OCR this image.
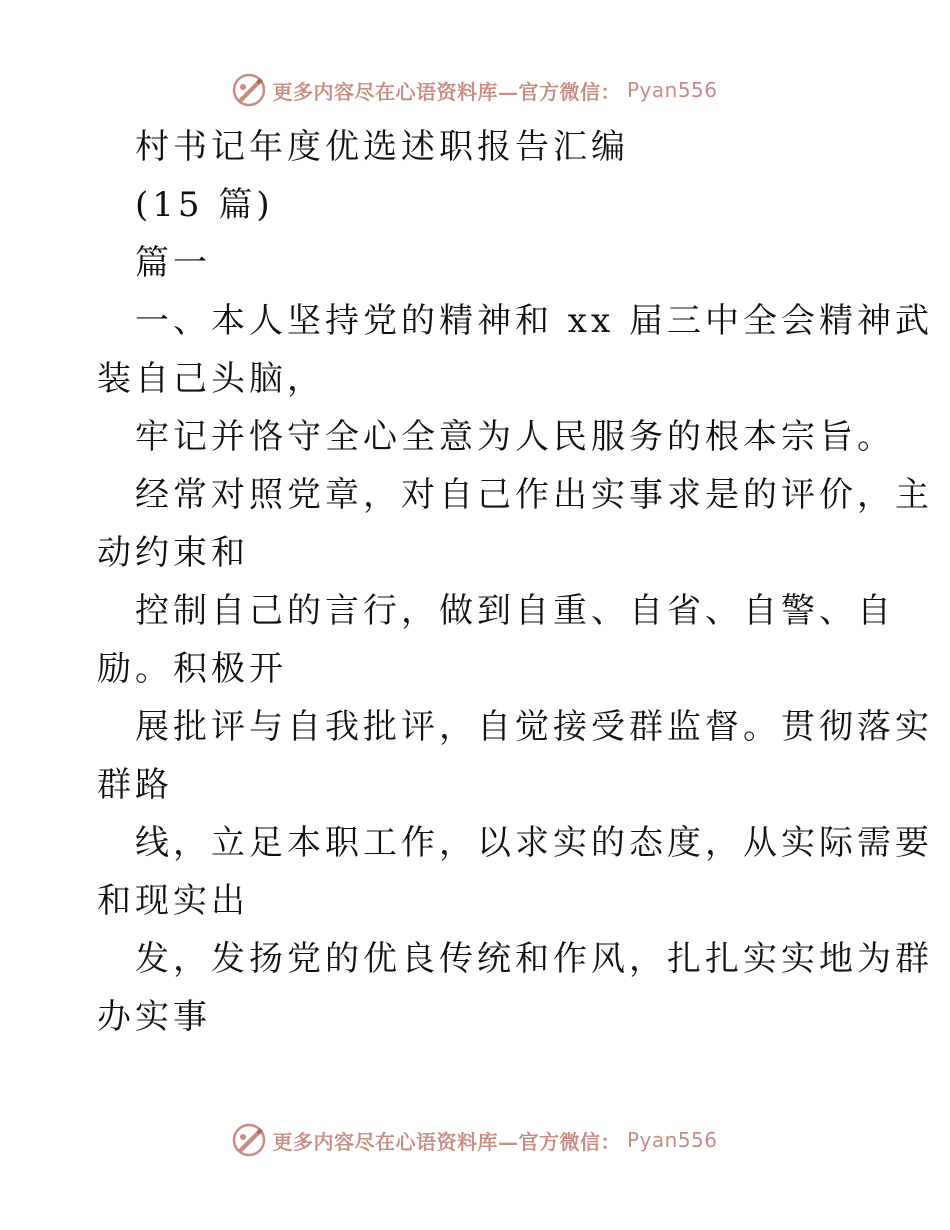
更多内容尽在心语资料库—官方微信： Pyan556
村书记年度优选述职报告汇编
(15 篇)
篇一
一、本人坚持党的精神和 xx 届三中全会精神武
装自己头脑，
牢记并恪守全心全意为人民服务的根本宗旨。
经常对照党章，对自己作出实事求是的评价，主
动约束和
控制自己的言行，做到自重、自省、自警、自
励。积极开
展批评与自我批评，自觉接受群监督。贯彻落实
群路
线，立足本职工作，以求实的态度，从实际需要
和现实出
发，发扬党的优良传统和作风，扎扎实实地为群
办实事
更多内容尽在心语资料库—官方微信： Pyan556
